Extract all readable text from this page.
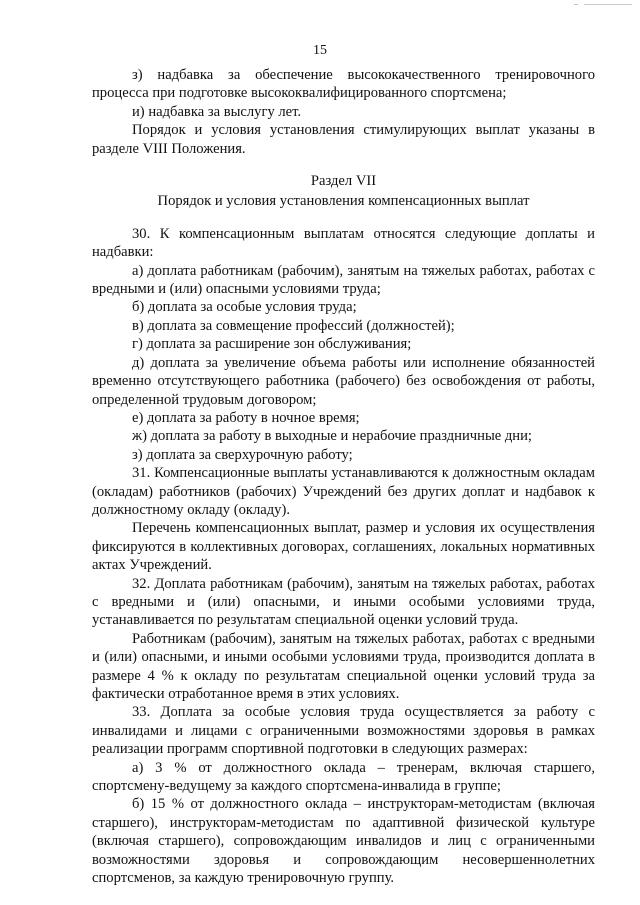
15

з) надбавка за обеспечение высококачественного тренировочного процесса при подготовке высококвалифицированного спортсмена;

и) надбавка за выслугу лет.

Порядок и условия установления стимулирующих выплат указаны в разделе VIII Положения.

Раздел VII

Порядок и условия установления компенсационных выплат

30. К компенсационным выплатам относятся следующие доплаты и надбавки:

а) доплата работникам (рабочим), занятым на тяжелых работах, работах с вредными и (или) опасными условиями труда;

б) доплата за особые условия труда;

в) доплата за совмещение профессий (должностей);

г) доплата за расширение зон обслуживания;

д) доплата за увеличение объема работы или исполнение обязанностей временно отсутствующего работника (рабочего) без освобождения от работы, определенной трудовым договором;

е) доплата за работу в ночное время;

ж) доплата за работу в выходные и нерабочие праздничные дни;

з) доплата за сверхурочную работу;

31. Компенсационные выплаты устанавливаются к должностным окладам (окладам) работников (рабочих) Учреждений без других доплат и надбавок к должностному окладу (окладу).

Перечень компенсационных выплат, размер и условия их осуществления фиксируются в коллективных договорах, соглашениях, локальных нормативных актах Учреждений.

32. Доплата работникам (рабочим), занятым на тяжелых работах, работах с вредными и (или) опасными, и иными особыми условиями труда, устанавливается по результатам специальной оценки условий труда.

Работникам (рабочим), занятым на тяжелых работах, работах с вредными и (или) опасными, и иными особыми условиями труда, производится доплата в размере 4 % к окладу по результатам специальной оценки условий труда за фактически отработанное время в этих условиях.

33. Доплата за особые условия труда осуществляется за работу с инвалидами и лицами с ограниченными возможностями здоровья в рамках реализации программ спортивной подготовки в следующих размерах:

а) 3 % от должностного оклада – тренерам, включая старшего, спортсмену-ведущему за каждого спортсмена-инвалида в группе;

б) 15 % от должностного оклада – инструкторам-методистам (включая старшего), инструкторам-методистам по адаптивной физической культуре (включая старшего), сопровождающим инвалидов и лиц с ограниченными возможностями здоровья и сопровождающим несовершеннолетних спортсменов, за каждую тренировочную группу.
